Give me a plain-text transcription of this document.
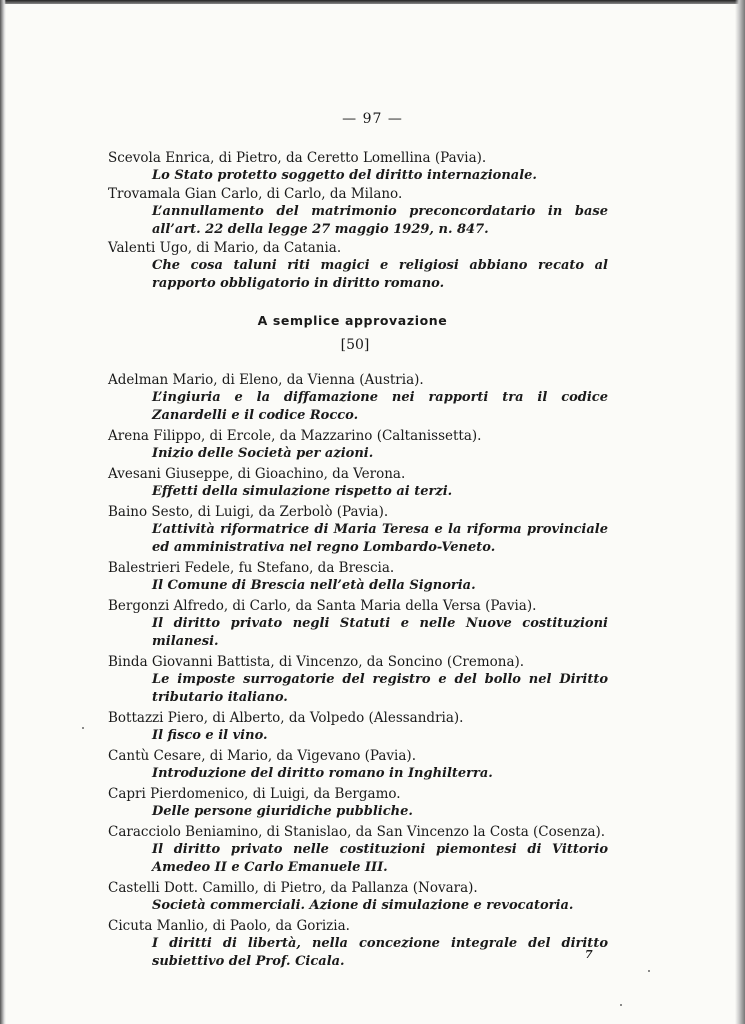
— 97 —
Scevola Enrica, di Pietro, da Ceretto Lomellina (Pavia).
Lo Stato protetto soggetto del diritto internazionale.
Trovamala Gian Carlo, di Carlo, da Milano.
L’annullamento del matrimonio preconcordatario in base all’art. 22 della legge 27 maggio 1929, n. 847.
Valenti Ugo, di Mario, da Catania.
Che cosa taluni riti magici e religiosi abbiano recato al rapporto obbligatorio in diritto romano.
A semplice approvazione
[50]
Adelman Mario, di Eleno, da Vienna (Austria).
L’ingiuria e la diffamazione nei rapporti tra il codice Zanardelli e il codice Rocco.
Arena Filippo, di Ercole, da Mazzarino (Caltanissetta).
Inizio delle Società per azioni.
Avesani Giuseppe, di Gioachino, da Verona.
Effetti della simulazione rispetto ai terzi.
Baino Sesto, di Luigi, da Zerbolò (Pavia).
L’attività riformatrice di Maria Teresa e la riforma provinciale ed amministrativa nel regno Lombardo-Veneto.
Balestrieri Fedele, fu Stefano, da Brescia.
Il Comune di Brescia nell’età della Signoria.
Bergonzi Alfredo, di Carlo, da Santa Maria della Versa (Pavia).
Il diritto privato negli Statuti e nelle Nuove costituzioni milanesi.
Binda Giovanni Battista, di Vincenzo, da Soncino (Cremona).
Le imposte surrogatorie del registro e del bollo nel Diritto tributario italiano.
Bottazzi Piero, di Alberto, da Volpedo (Alessandria).
Il fisco e il vino.
Cantù Cesare, di Mario, da Vigevano (Pavia).
Introduzione del diritto romano in Inghilterra.
Capri Pierdomenico, di Luigi, da Bergamo.
Delle persone giuridiche pubbliche.
Caracciolo Beniamino, di Stanislao, da San Vincenzo la Costa (Cosenza).
Il diritto privato nelle costituzioni piemontesi di Vittorio Amedeo II e Carlo Emanuele III.
Castelli Dott. Camillo, di Pietro, da Pallanza (Novara).
Società commerciali. Azione di simulazione e revocatoria.
Cicuta Manlio, di Paolo, da Gorizia.
I diritti di libertà, nella concezione integrale del diritto subiettivo del Prof. Cicala.	7
